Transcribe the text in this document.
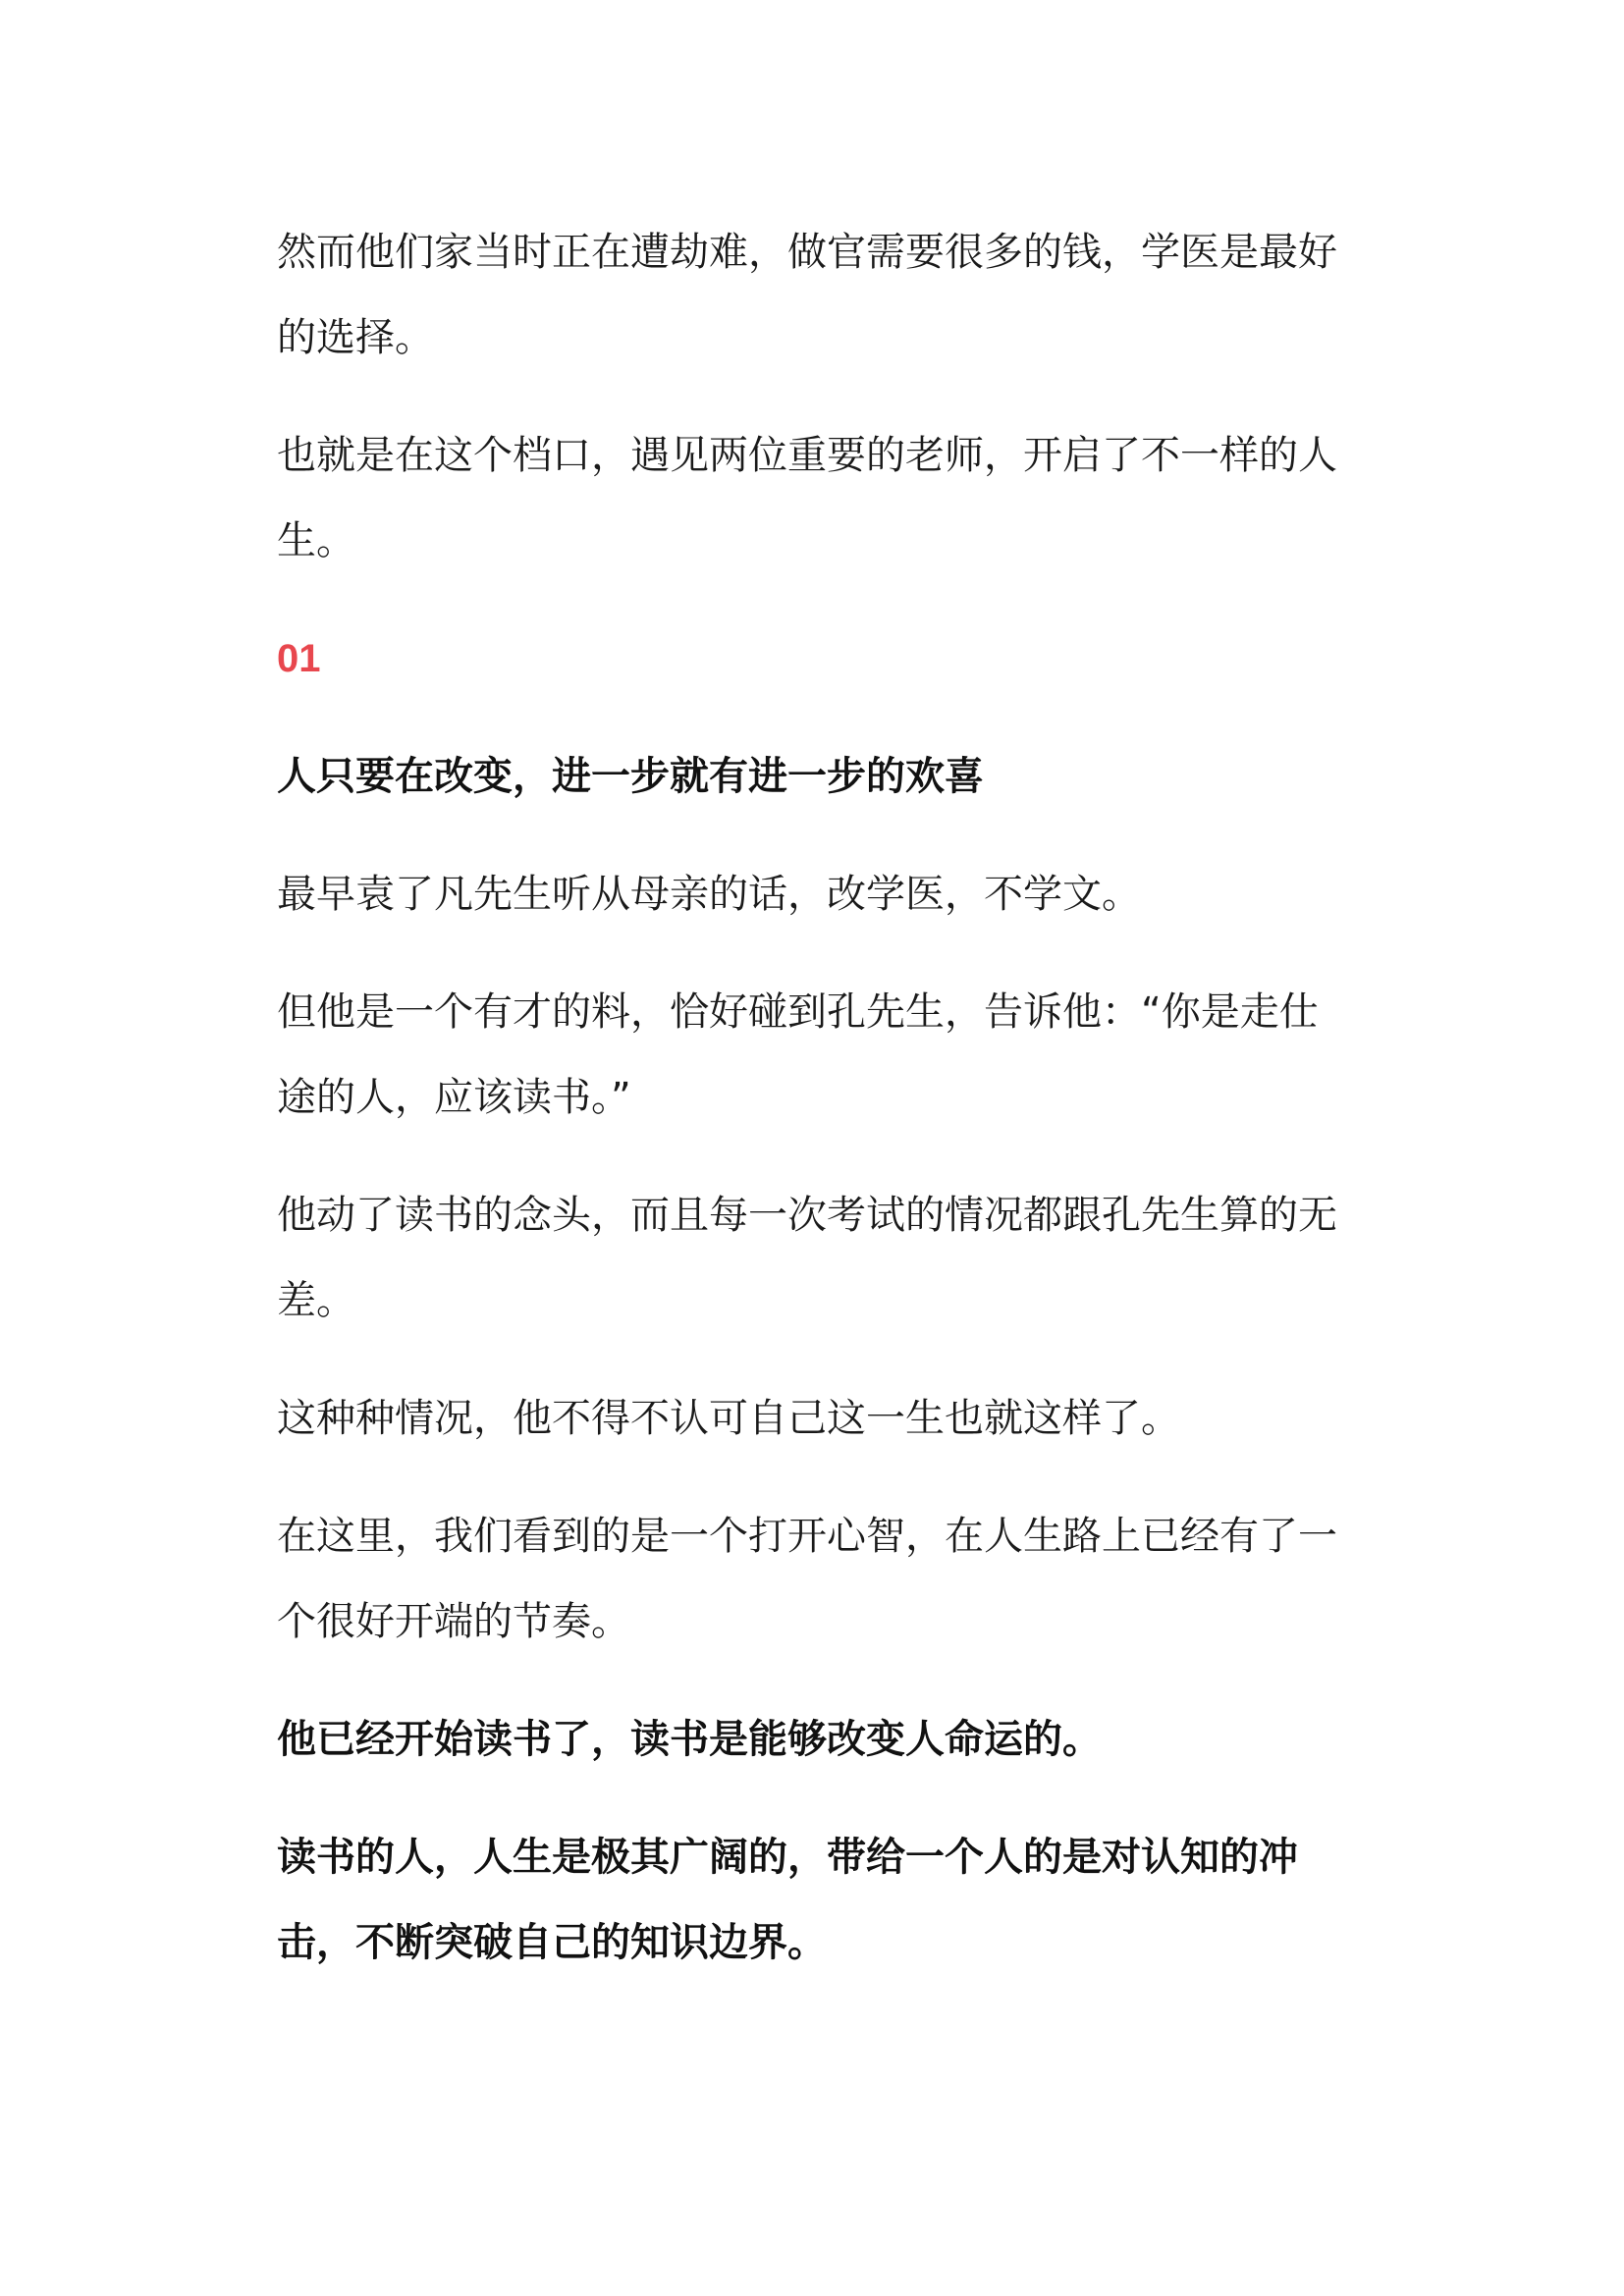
然而他们家当时正在遭劫难，做官需要很多的钱，学医是最好的选择。

也就是在这个档口，遇见两位重要的老师，开启了不一样的人生。

01
人只要在改变，进一步就有进一步的欢喜

最早袁了凡先生听从母亲的话，改学医，不学文。

但他是一个有才的料，恰好碰到孔先生，告诉他：“你是走仕途的人，应该读书。”

他动了读书的念头，而且每一次考试的情况都跟孔先生算的无差。

这种种情况，他不得不认可自己这一生也就这样了。

在这里，我们看到的是一个打开心智，在人生路上已经有了一个很好开端的节奏。

他已经开始读书了，读书是能够改变人命运的。

读书的人，人生是极其广阔的，带给一个人的是对认知的冲击，不断突破自己的知识边界。
